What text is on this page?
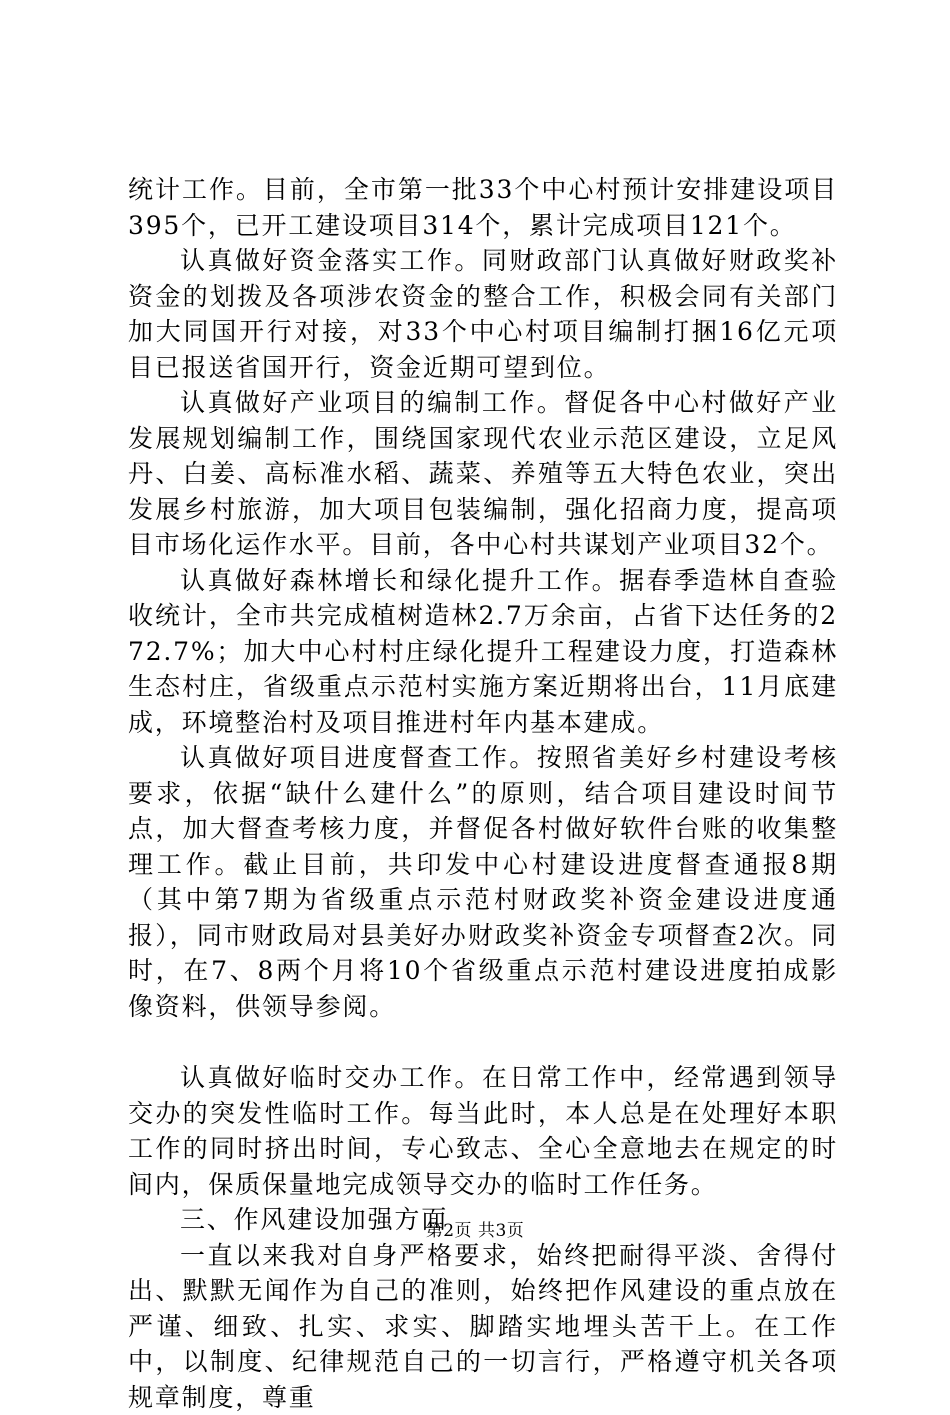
统计工作。目前，全市第一批33个中心村预计安排建设项目395个，已开工建设项目314个，累计完成项目121个。

认真做好资金落实工作。同财政部门认真做好财政奖补资金的划拨及各项涉农资金的整合工作，积极会同有关部门加大同国开行对接，对33个中心村项目编制打捆16亿元项目已报送省国开行，资金近期可望到位。

认真做好产业项目的编制工作。督促各中心村做好产业发展规划编制工作，围绕国家现代农业示范区建设，立足风丹、白姜、高标准水稻、蔬菜、养殖等五大特色农业，突出发展乡村旅游，加大项目包装编制，强化招商力度，提高项目市场化运作水平。目前，各中心村共谋划产业项目32个。

认真做好森林增长和绿化提升工作。据春季造林自查验收统计，全市共完成植树造林2.7万余亩，占省下达任务的272.7%；加大中心村村庄绿化提升工程建设力度，打造森林生态村庄，省级重点示范村实施方案近期将出台，11月底建成，环境整治村及项目推进村年内基本建成。

认真做好项目进度督查工作。按照省美好乡村建设考核要求，依据“缺什么建什么”的原则，结合项目建设时间节点，加大督查考核力度，并督促各村做好软件台账的收集整理工作。截止目前，共印发中心村建设进度督查通报8期（其中第7期为省级重点示范村财政奖补资金建设进度通报），同市财政局对县美好办财政奖补资金专项督查2次。同时，在7、8两个月将10个省级重点示范村建设进度拍成影像资料，供领导参阅。

认真做好临时交办工作。在日常工作中，经常遇到领导交办的突发性临时工作。每当此时，本人总是在处理好本职工作的同时挤出时间，专心致志、全心全意地去在规定的时间内，保质保量地完成领导交办的临时工作任务。

三、作风建设加强方面

一直以来我对自身严格要求，始终把耐得平淡、舍得付出、默默无闻作为自己的准则，始终把作风建设的重点放在严谨、细致、扎实、求实、脚踏实地埋头苦干上。在工作中，以制度、纪律规范自己的一切言行，严格遵守机关各项规章制度，尊重

第2页 共3页
